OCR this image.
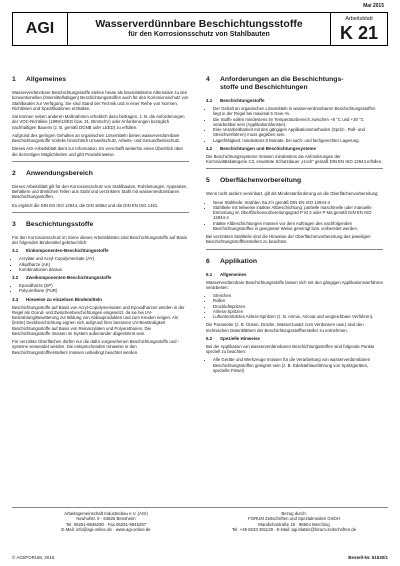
Mai 2015
AGI	Wasserverdünnbare Beschichtungsstoffe
für den Korrosionsschutz von Stahlbauten
Arbeitsblatt
K 21
1	Allgemeines

Wasserverdünnbare Beschichtungsstoffe stehen heute als lösemittelarme Alternative zu den konventionellen (lösemittelhaltigen) Beschichtungsstoffen auch für den Korrosionsschutz von Stahlbauten zur Verfügung. Sie sind Stand der Technik und in einer Reihe von Normen, Richtlinien und Spezifikationen enthalten.

Sie können neben anderen Maßnahmen erheblich dazu beitragen, z. B. die Anforderungen der VOC-Richtlinie (1999/13/EG bzw. 31. BImSchV) oder Anforderungen bezüglich nachhaltigen Bauens (z. B. gemäß DGNB oder LEED) zu erfüllen.

Aufgrund des geringen Gehaltes an organischen Lösemitteln bieten wasserverdünnbare Beschichtungsstoffe Vorteile hinsichtlich Umweltschutz, Arbeits- und Gesundheitsschutz.

Dieses AGI-Arbeitsblatt dient zur Information. Es verschafft weiterhin einen Überblick über die derzeitigen Möglichkeiten und gibt Praxishinweise.

2	Anwendungsbereich

Dieses Arbeitsblatt gilt für den Korrosionsschutz von Stahlbauten, Rohrleitungen, Apparaten, Behältern und ähnlichen Teilen aus Stahl und verzinktem Stahl mit wasserverdünnbaren Beschichtungsstoffen.

Es ergänzt die DIN EN ISO 12944, die DIN 18364 und die DIN EN ISO 1461.

3	Beschichtungsstoffe

Für den Korrosionsschutz im Sinne dieses Arbeitsblattes sind Beschichtungsstoffe auf Basis der folgenden Bindemittel gebräuchlich:

3.1	Einkomponenten-Beschichtungsstoffe
• Acrylate und Acryl-Copolymerisate (AY)
• Alkydharze (AK)
• Kombinationen daraus
3.2	Zweikomponenten-Beschichtungsstoffe
• Epoxidharze (EP)
• Polyurethane (PUR)
3.3	Hinweise zu einzelnen Bindemitteln

Beschichtungsstoffe auf Basis von Acryl-Copolymerisaten und Epoxidharzen werden in der Regel als Grund- und Zwischenbeschichtungen eingesetzt, da sie bei UV-Bestrahlung/Bewitterung zur Bildung von Abbauprodukten und zum Kreiden neigen. Als (letzte) Deckbeschichtung eignen sich aufgrund ihrer besseren UV-Beständigkeit Beschichtungsstoffe auf Basis von Reinacrylaten und Polyurethanen. Die Beschichtungsstoffe müssen im System aufeinander abgestimmt sein.

Für verzinkte Oberflächen dürfen nur die dafür vorgesehenen Beschichtungsstoffe und -systeme verwendet werden. Die entsprechenden Hinweise in den Beschichtungsstoffherstellers müssen unbedingt beachtet werden.

4	Anforderungen an die Beschichtungs-
stoffe und Beschichtungen
4.1	Beschichtungsstoffe
• Der Gehalt an organischen Lösemitteln in wasserverdünnbaren Beschichtungsstoffen liegt in der Regel bei maximal 5 Gew.-%.
• Die Stoffe sollen mindestens im Temperaturbereich zwischen +8 °C und +30 °C verarbeitbar sein (Applikationsfenster).
• Eine Verarbeitbarkeit mit den gängigen Applikationsmethoden (Spritz-, Roll- und Streichverfahren) muss gegeben sein.
• Lagerfähigkeit: mindestens 6 Monate, bei sach- und fachgerechter Lagerung.
4.2	Beschichtungen und Beschichtungssysteme

Die Beschichtungssysteme müssen mindestens die Anforderungen der Korrosivitätskategorie C3, erwartete Schutzdauer „Hoch" gemäß DIN EN ISO 12944 erfüllen.

5	Oberflächenvorbereitung

Wenn nicht anders vereinbart, gilt als Mindestanforderung an die Oberflächenvorbereitung:

• Neue Stahlteile: Strahlen Sa 2½ gemäß DIN EN ISO 12944-4
• Stahlteile mit teilweise intakter Altbeschichtung: partielle maschinelle oder manuelle Entrostung im Oberflächenvorbereitungsgrad P St 3 oder P Ma gemäß DIN EN ISO 12944-4
• Intakte Altbeschichtungen müssen vor dem Auftragen des nachfolgenden Beschichtungsstoffes in geeigneter Weise gereinigt bzw. vorbereitet werden.

Bei verzinkten Stahlteile sind die Hinweise der Oberflächenvorbereitung des jeweiligen Beschichtungsstoffherstellers zu beachten.

6	Applikation
6.1	Allgemeines

Wasserverdünnbare Beschichtungsstoffe lassen sich mit den gängigen Applikationsverfahren verarbeiten:

• Streichen
• Rollen
• Druckluftspritzen
• Airless-Spritzen
• Luftunterstütztes Airless-Spritzen (z. B. Airmix, Aircoat und vergleichbare Verfahren).

Die Parameter (z. B. Düsen, Drücke, Wasserzusatz zum Verdünnen usw.) sind den technischen Datenblättern der Beschichtungsstoffhersteller zu entnehmen.

6.2	Spezielle Hinweise

Bei der Applikation von wasserverdünnbaren Beschichtungsstoffen sind folgende Punkte speziell zu beachten:

• Alle Geräte und Werkzeuge müssen für die Verarbeitung von wasserverdünnbaren Beschichtungsstoffen geeignet sein (z. B. Edelstahlausführung von Spritzgeräten, spezielle Pinsel)
Arbeitsgemeinschaft Industriebau e.V. (AGI)
Neuhofstr. 9 · 64625 Bensheim
Tel. 06251-9845290 · Fax 06251-9845297
E-Mail: info@agi-online.de · www.agi-online.de
Bezug durch:
FORUM Zeitschriften und Spezialmedien GmbH
Mandichostraße 18 · 86504 Merching
Tel. +49 8233 381129 · E-Mail: agi-blatter@forum-zeitschriften.de
© AGI/FORUM, 2015	Bestell-Nr. 51530/1
